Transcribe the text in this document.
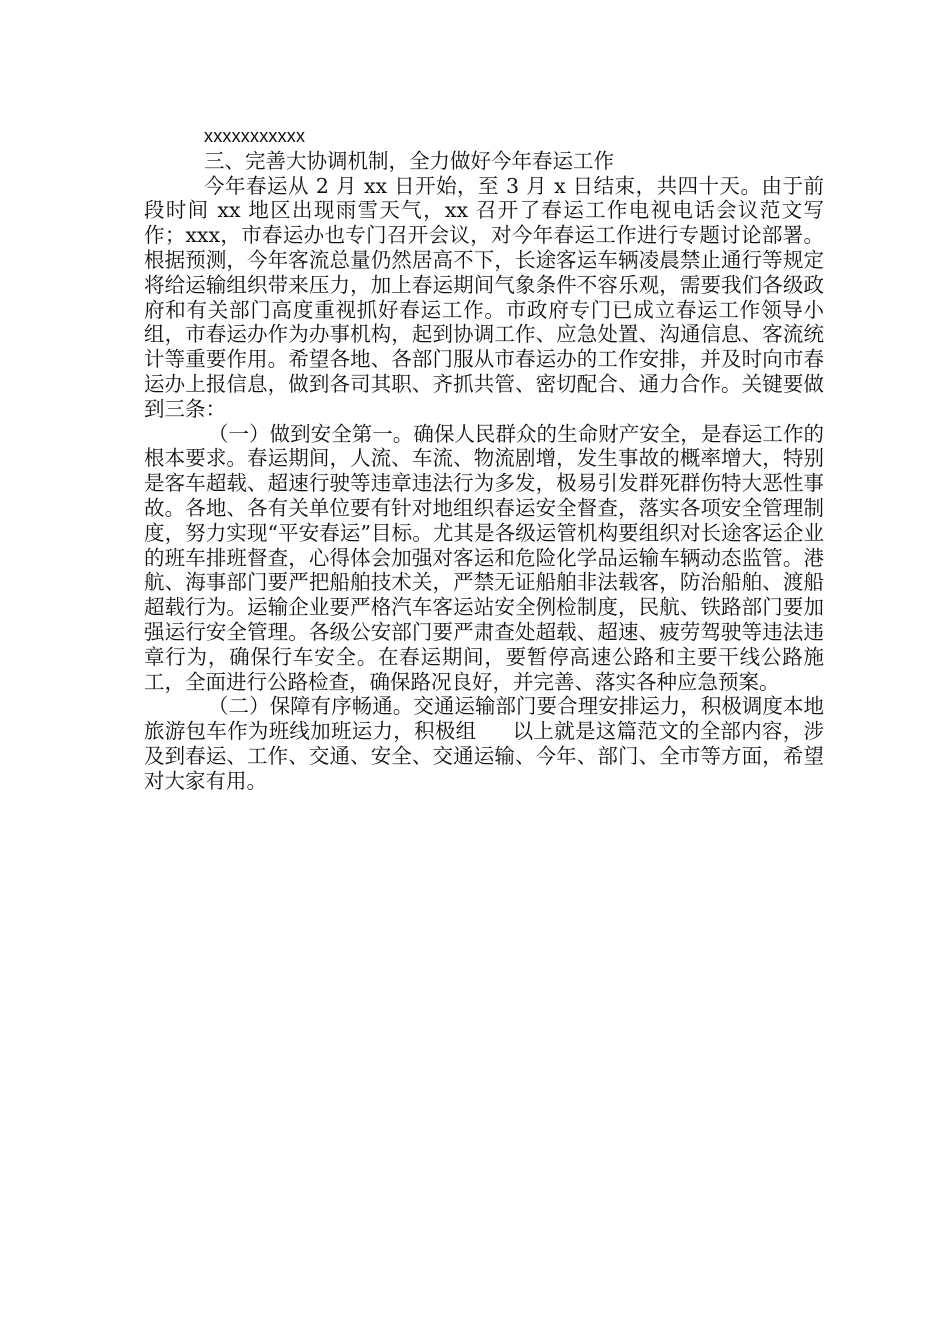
xxxxxxxxxxx

三、完善大协调机制，全力做好今年春运工作

今年春运从 2 月 xx 日开始，至 3 月 x 日结束，共四十天。由于前段时间 xx 地区出现雨雪天气，xx 召开了春运工作电视电话会议范文写作；xxx，市春运办也专门召开会议，对今年春运工作进行专题讨论部署。根据预测，今年客流总量仍然居高不下，长途客运车辆凌晨禁止通行等规定将给运输组织带来压力，加上春运期间气象条件不容乐观，需要我们各级政府和有关部门高度重视抓好春运工作。市政府专门已成立春运工作领导小组，市春运办作为办事机构，起到协调工作、应急处置、沟通信息、客流统计等重要作用。希望各地、各部门服从市春运办的工作安排，并及时向市春运办上报信息，做到各司其职、齐抓共管、密切配合、通力合作。关键要做到三条：

（一）做到安全第一。确保人民群众的生命财产安全，是春运工作的根本要求。春运期间，人流、车流、物流剧增，发生事故的概率增大，特别是客车超载、超速行驶等违章违法行为多发，极易引发群死群伤特大恶性事故。各地、各有关单位要有针对地组织春运安全督查，落实各项安全管理制度，努力实现“平安春运”目标。尤其是各级运管机构要组织对长途客运企业的班车排班督查，心得体会加强对客运和危险化学品运输车辆动态监管。港航、海事部门要严把船舶技术关，严禁无证船舶非法载客，防治船舶、渡船超载行为。运输企业要严格汽车客运站安全例检制度，民航、铁路部门要加强运行安全管理。各级公安部门要严肃查处超载、超速、疲劳驾驶等违法违章行为，确保行车安全。在春运期间，要暂停高速公路和主要干线公路施工，全面进行公路检查，确保路况良好，并完善、落实各种应急预案。

（二）保障有序畅通。交通运输部门要合理安排运力，积极调度本地旅游包车作为班线加班运力，积极组 以上就是这篇范文的全部内容，涉及到春运、工作、交通、安全、交通运输、今年、部门、全市等方面，希望对大家有用。
